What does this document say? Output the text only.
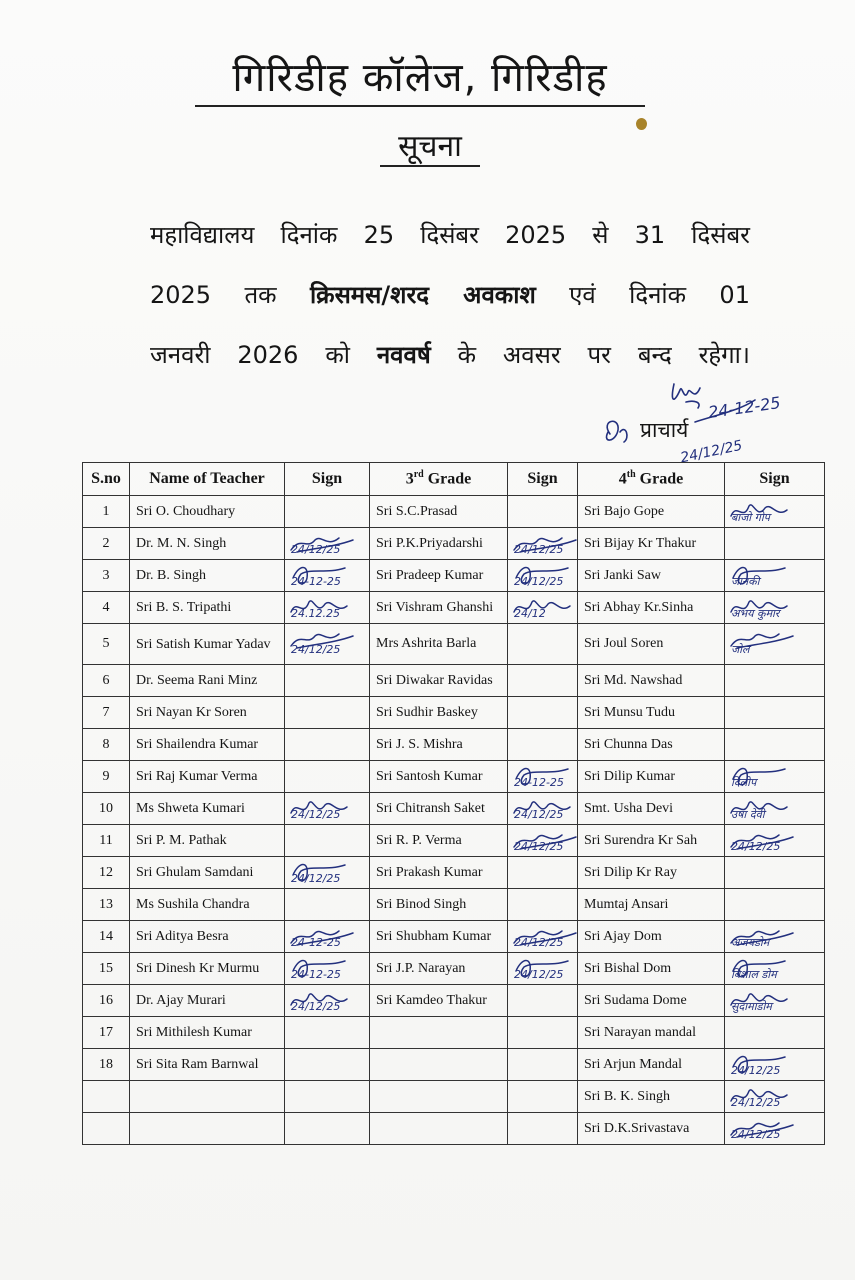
गिरिडीह कॉलेज, गिरिडीह
सूचना

महाविद्यालय दिनांक 25 दिसंबर 2025 से 31 दिसंबर

2025 तक क्रिसमस/शरद अवकाश एवं दिनांक 01

जनवरी 2026 को नववर्ष के अवसर पर बन्द रहेगा।

24-12-25
प्राचार्य
24/12/25
S.no	Name of Teacher	Sign	3rd Grade	Sign	4th Grade	Sign
1	Sri O. Choudhary		Sri S.C.Prasad		Sri Bajo Gope	$_{बाजो गोप}$
2	Dr. M. N. Singh	$_{24/12/25}$	Sri P.K.Priyadarshi	$_{24/12/25}$	Sri Bijay Kr Thakur	
3	Dr. B. Singh	$_{24-12-25}$	Sri Pradeep Kumar	$_{24/12/25}$	Sri Janki Saw	$_{जानकी}$
4	Sri B. S. Tripathi	$_{24.12.25}$	Sri Vishram Ghanshi	$_{24/12}$	Sri Abhay Kr.Sinha	$_{अभय कुमार}$
5	Sri Satish Kumar Yadav	$_{24/12/25}$	Mrs Ashrita Barla		Sri Joul Soren	$_{जोल}$
6	Dr. Seema Rani Minz		Sri Diwakar Ravidas		Sri Md. Nawshad	
7	Sri Nayan Kr Soren		Sri Sudhir Baskey		Sri Munsu Tudu	
8	Sri Shailendra Kumar		Sri J. S. Mishra		Sri Chunna Das	
9	Sri Raj Kumar Verma		Sri Santosh Kumar	$_{24-12-25}$	Sri Dilip Kumar	$_{दिलीप}$
10	Ms Shweta Kumari	$_{24/12/25}$	Sri Chitransh Saket	$_{24/12/25}$	Smt. Usha Devi	$_{उषा देवी}$
11	Sri P. M. Pathak		Sri R. P. Verma	$_{24/12/25}$	Sri Surendra Kr Sah	$_{24/12/25}$
12	Sri Ghulam Samdani	$_{24/12/25}$	Sri Prakash Kumar		Sri Dilip Kr Ray	
13	Ms Sushila Chandra		Sri Binod Singh		Mumtaj Ansari	
14	Sri Aditya Besra	$_{24-12-25}$	Sri Shubham Kumar	$_{24/12/25}$	Sri Ajay Dom	$_{अजयडोम}$
15	Sri Dinesh Kr Murmu	$_{24-12-25}$	Sri J.P. Narayan	$_{24/12/25}$	Sri Bishal Dom	$_{बिशाल डोम}$
16	Dr. Ajay Murari	$_{24/12/25}$	Sri Kamdeo Thakur		Sri Sudama Dome	$_{सुदामाडोम}$
17	Sri Mithilesh Kumar				Sri Narayan mandal	
18	Sri Sita Ram Barnwal				Sri Arjun Mandal	$_{24/12/25}$
					Sri B. K. Singh	$_{24/12/25}$
					Sri D.K.Srivastava	$_{24/12/25}$
